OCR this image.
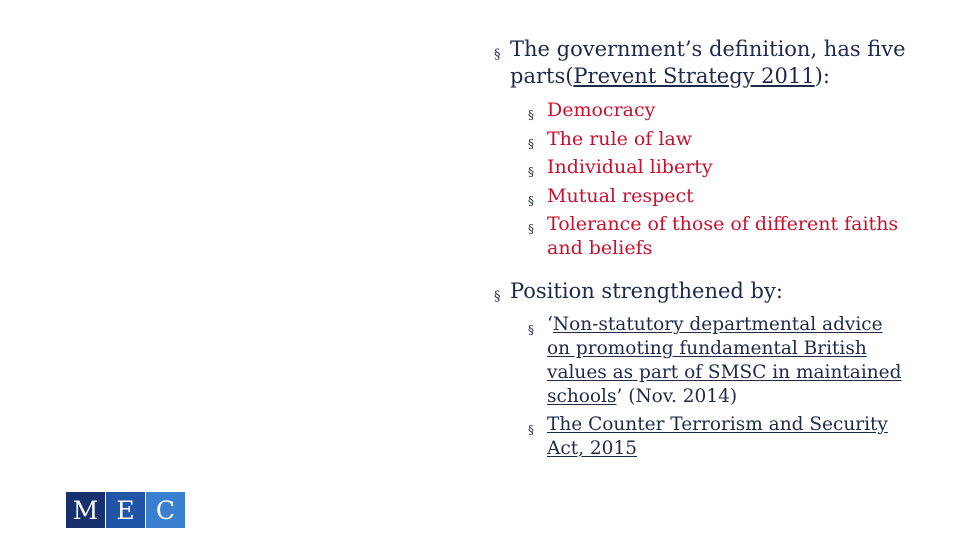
§ The government’s definition, has five parts(Prevent Strategy 2011):
§ Democracy
§ The rule of law
§ Individual liberty
§ Mutual respect
§ Tolerance of those of different faiths and beliefs
§ Position strengthened by:
§ ‘Non-statutory departmental advice on promoting fundamental British values as part of SMSC in maintained schools’ (Nov. 2014)
§ The Counter Terrorism and Security Act, 2015
M E C
